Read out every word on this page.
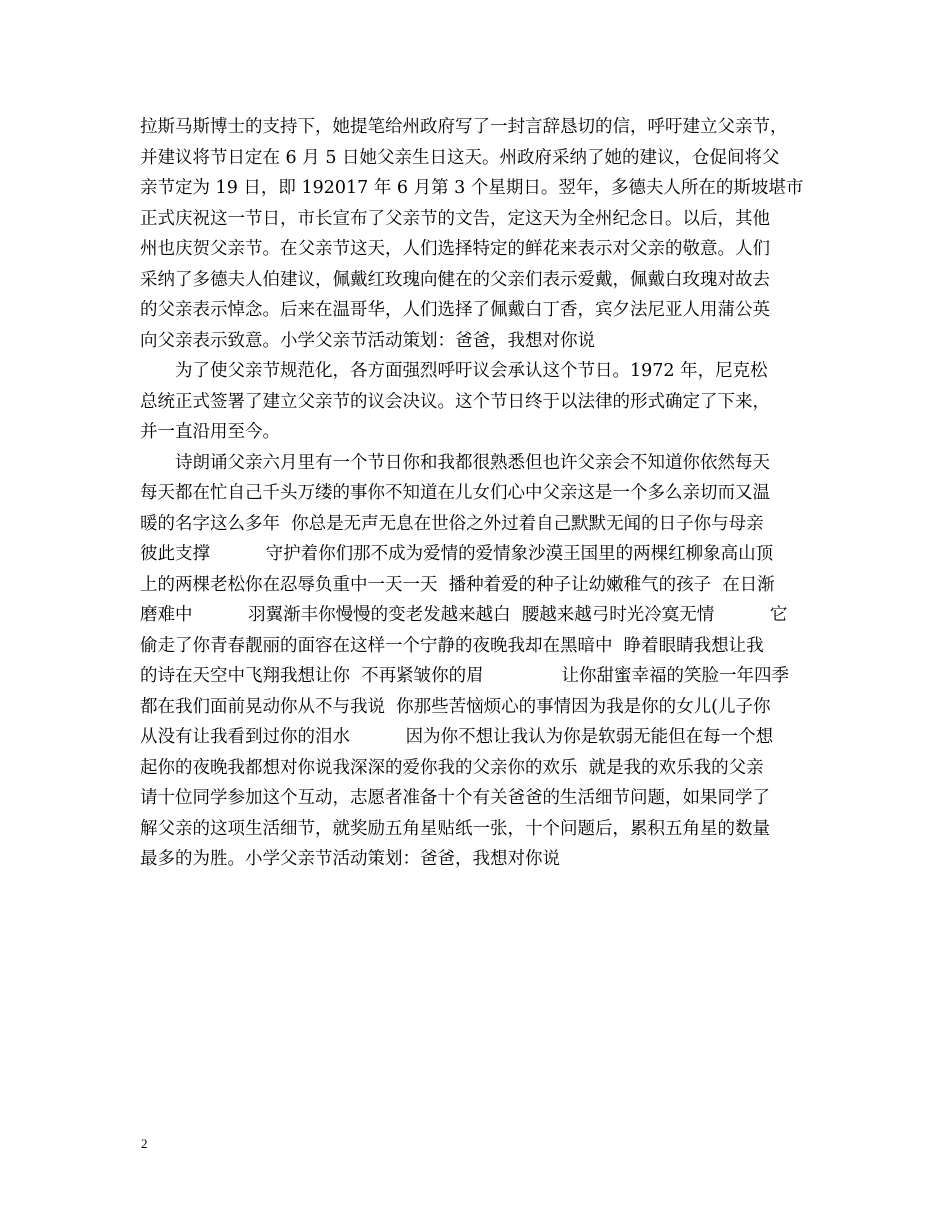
拉斯马斯博士的支持下，她提笔给州政府写了一封言辞恳切的信，呼吁建立父亲节，
并建议将节日定在 6 月 5 日她父亲生日这天。州政府采纳了她的建议，仓促间将父
亲节定为 19 日，即 192017 年 6 月第 3 个星期日。翌年，多德夫人所在的斯坡堪市
正式庆祝这一节日，市长宣布了父亲节的文告，定这天为全州纪念日。以后，其他
州也庆贺父亲节。在父亲节这天，人们选择特定的鲜花来表示对父亲的敬意。人们
采纳了多德夫人伯建议，佩戴红玫瑰向健在的父亲们表示爱戴，佩戴白玫瑰对故去
的父亲表示悼念。后来在温哥华，人们选择了佩戴白丁香，宾夕法尼亚人用蒲公英
向父亲表示致意。小学父亲节活动策划：爸爸，我想对你说
为了使父亲节规范化，各方面强烈呼吁议会承认这个节日。1972 年，尼克松
总统正式签署了建立父亲节的议会决议。这个节日终于以法律的形式确定了下来，
并一直沿用至今。
诗朗诵父亲六月里有一个节日你和我都很熟悉但也许父亲会不知道你依然每天
每天都在忙自己千头万缕的事你不知道在儿女们心中父亲这是一个多么亲切而又温
暖的名字这么多年  你总是无声无息在世俗之外过着自己默默无闻的日子你与母亲
彼此支撑          守护着你们那不成为爱情的爱情象沙漠王国里的两棵红柳象高山顶
上的两棵老松你在忍辱负重中一天一天  播种着爱的种子让幼嫩稚气的孩子  在日渐
磨难中          羽翼渐丰你慢慢的变老发越来越白  腰越来越弓时光冷寞无情          它
偷走了你青春靓丽的面容在这样一个宁静的夜晚我却在黑暗中  睁着眼睛我想让我
的诗在天空中飞翔我想让你  不再紧皱你的眉              让你甜蜜幸福的笑脸一年四季
都在我们面前晃动你从不与我说  你那些苦恼烦心的事情因为我是你的女儿(儿子你
从没有让我看到过你的泪水          因为你不想让我认为你是软弱无能但在每一个想
起你的夜晚我都想对你说我深深的爱你我的父亲你的欢乐  就是我的欢乐我的父亲
请十位同学参加这个互动，志愿者准备十个有关爸爸的生活细节问题，如果同学了
解父亲的这项生活细节，就奖励五角星贴纸一张，十个问题后，累积五角星的数量
最多的为胜。小学父亲节活动策划：爸爸，我想对你说
2
